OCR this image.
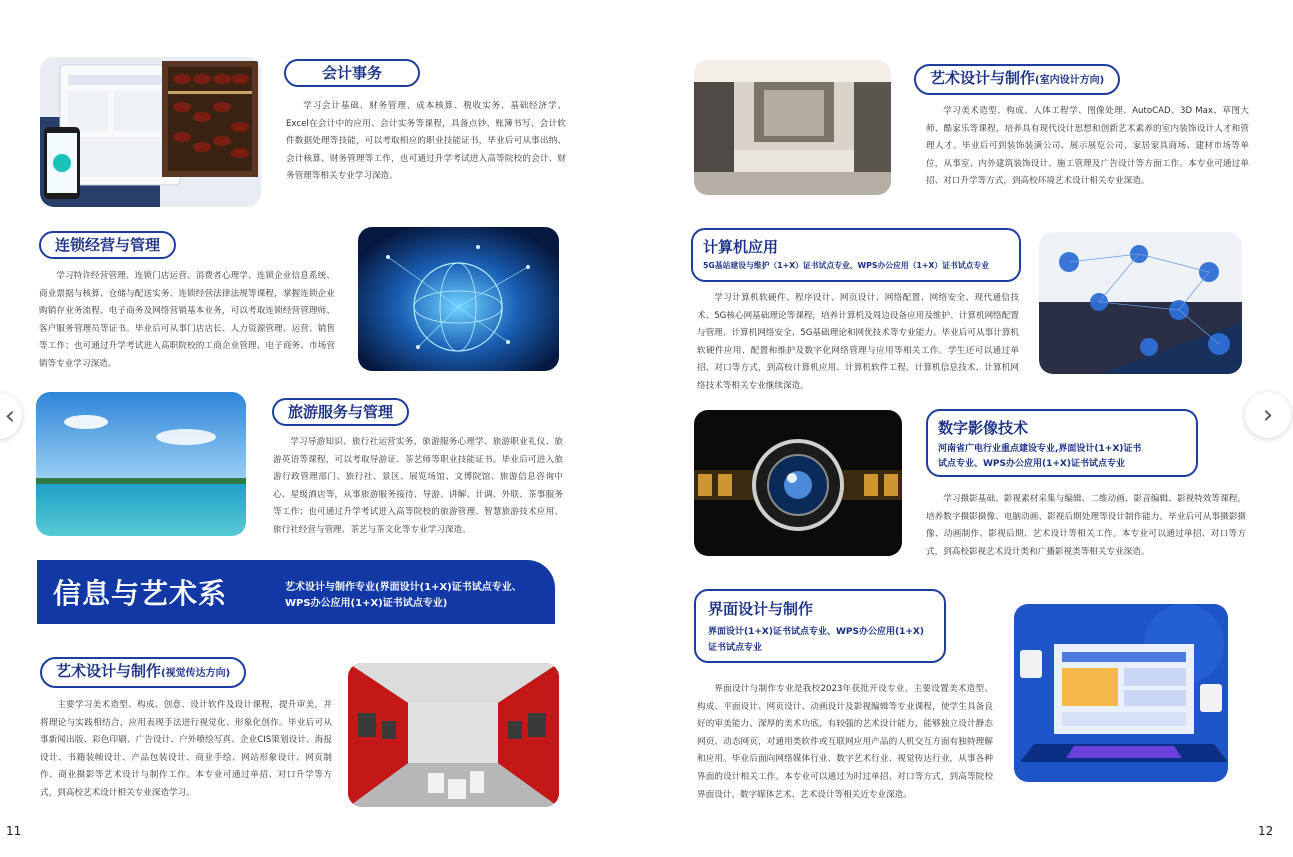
会计事务
学习会计基础、财务管理、成本核算、税收实务、基础经济学、Excel在会计中的应用、会计实务等课程，具备点钞、账簿书写、会计软件数据处理等技能，可以考取相应的职业技能证书，毕业后可从事出纳、会计核算、财务管理等工作，也可通过升学考试进入高等院校的会计、财务管理等相关专业学习深造。
连锁经营与管理
学习特许经营管理、连锁门店运营、消费者心理学、连锁企业信息系统、商业票据与核算、仓储与配送实务、连锁经营法律法规等课程，掌握连锁企业购销存业务流程、电子商务及网络营销基本业务，可以考取连锁经营管理师、客户服务管理员等证书。毕业后可从事门店店长、人力资源管理、运营、销售等工作；也可通过升学考试进入高职院校的工商企业管理、电子商务、市场营销等专业学习深造。
旅游服务与管理
学习导游知识、旅行社运营实务、旅游服务心理学、旅游职业礼仪、旅游英语等课程，可以考取导游证、茶艺师等职业技能证书。毕业后可进入旅游行政管理部门、旅行社、景区、展览场馆、文博院馆、旅游信息咨询中心、星级酒店等，从事旅游服务接待、导游、讲解、计调、外联、茶事服务等工作；也可通过升学考试进入高等院校的旅游管理、智慧旅游技术应用、旅行社经营与管理、茶艺与茶文化等专业学习深造。
信息与艺术系	艺术设计与制作专业(界面设计(1+X)证书试点专业、
WPS办公应用(1+X)证书试点专业)
艺术设计与制作(视觉传达方向)
主要学习美术造型、构成、创意、设计软件及设计课程，提升审美，并将理论与实践相结合，应用表现手法进行视觉化、形象化创作。毕业后可从事新闻出版、彩色印刷、广告设计、户外喷绘写真、企业CIS策划设计、海报设计、书籍装帧设计、产品包装设计、商业手绘、网站形象设计、网页制作、商业摄影等艺术设计与制作工作。本专业可通过单招、对口升学等方式，到高校艺术设计相关专业深造学习。
11
艺术设计与制作(室内设计方向)
学习美术造型、构成、人体工程学、图像处理、AutoCAD、3D Max、草图大师、酷家乐等课程，培养具有现代设计思想和创新艺术素养的室内装饰设计人才和管理人才。毕业后可到装饰装潢公司、展示展览公司、家居家具商场、建材市场等单位，从事室、内外建筑装饰设计、施工管理及广告设计等方面工作。本专业可通过单招、对口升学等方式，到高校环境艺术设计相关专业深造。
计算机应用
5G基站建设与维护（1+X）证书试点专业、WPS办公应用（1+X）证书试点专业
学习计算机软硬件、程序设计、网页设计、网络配置、网络安全、现代通信技术、5G核心网基础理论等课程，培养计算机及周边设备应用及维护、计算机网络配置与管理、计算机网络安全、5G基础理论和网优技术等专业能力。毕业后可从事计算机软硬件应用、配置和维护及数字化网络管理与应用等相关工作。学生还可以通过单招、对口等方式，到高校计算机应用、计算机软件工程、计算机信息技术、计算机网络技术等相关专业继续深造。
数字影像技术
河南省广电行业重点建设专业,界面设计(1+X)证书
试点专业、WPS办公应用(1+X)证书试点专业
学习摄影基础、影视素材采集与编辑、二维动画、影音编辑、影视特效等课程，培养数字摄影摄像、电脑动画、影视后期处理等设计制作能力。毕业后可从事摄影摄像、动画制作、影视后期、艺术设计等相关工作。本专业可以通过单招、对口等方式，到高校影视艺术设计类和广播影视类等相关专业深造。
界面设计与制作
界面设计(1+X)证书试点专业、WPS办公应用(1+X)
证书试点专业
界面设计与制作专业是我校2023年获批开设专业。主要设置美术造型、构成、平面设计、网页设计、动画设计及影视编辑等专业课程，使学生具备良好的审美能力、深厚的美术功底，有较强的艺术设计能力，能够独立设计静态网页、动态网页，对通用类软件或互联网应用产品的人机交互方面有独特理解和应用。毕业后面向网络媒体行业、数字艺术行业、视觉传达行业，从事各种界面的设计相关工作。本专业可以通过为时过单招、对口等方式，到高等院校界面设计、数字媒体艺术、艺术设计等相关近专业深造。
12
‹	›
